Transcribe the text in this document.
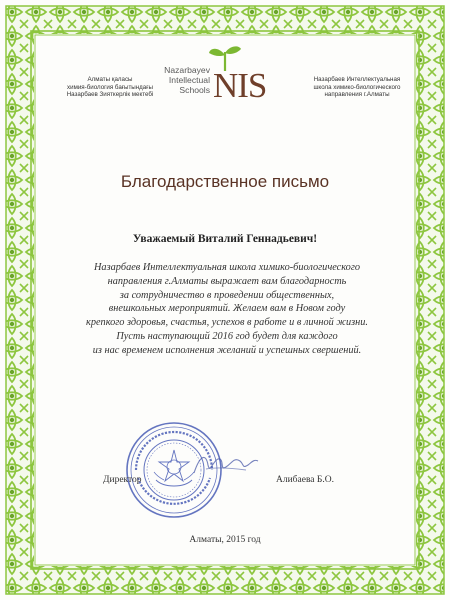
Алматы қаласы
химия-биология бағытындағы
Назарбаев Зияткерлік мектебі
Nazarbayev
Intellectual
Schools NIS	Назарбаев Интеллектуальная
школа химико-биологического
направления г.Алматы
Благодарственное письмо
Уважаемый Виталий Геннадьевич!
Назарбаев Интеллектуальная школа химико-биологического
направления г.Алматы выражает вам благодарность
за сотрудничество в проведении общественных,
внешкольных мероприятий. Желаем вам в Новом году
крепкого здоровья, счастья, успехов в работе и в личной жизни.
Пусть наступающий 2016 год будет для каждого
из нас временем исполнения желаний и успешных свершений.
Директор	Алибаева Б.О.
Алматы, 2015 год
